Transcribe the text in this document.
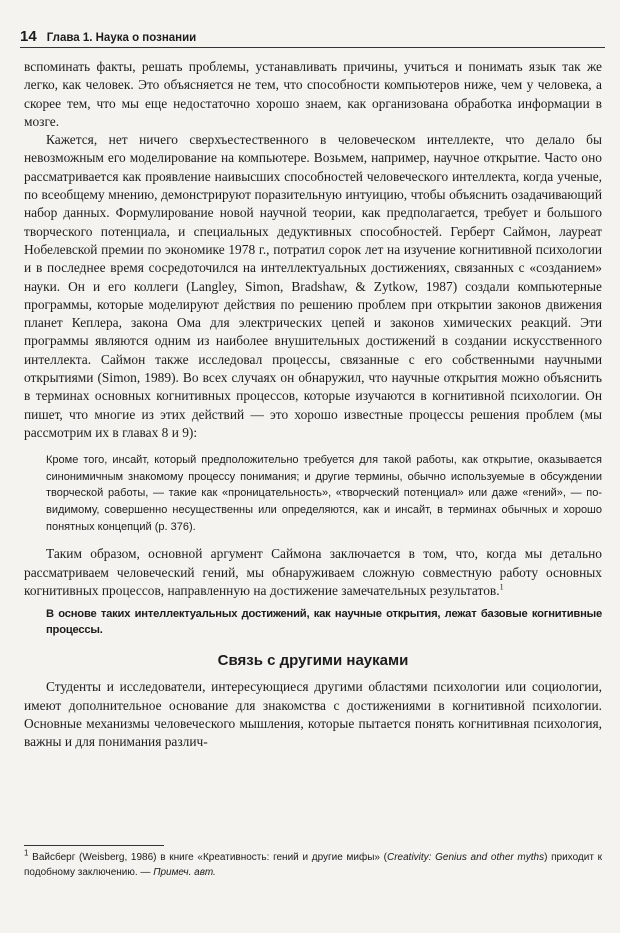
14 Глава 1. Наука о познании

вспоминать факты, решать проблемы, устанавливать причины, учиться и понимать язык так же легко, как человек. Это объясняется не тем, что способности компьютеров ниже, чем у человека, а скорее тем, что мы еще недостаточно хорошо знаем, как организована обработка информации в мозге.

Кажется, нет ничего сверхъестественного в человеческом интеллекте, что делало бы невозможным его моделирование на компьютере. Возьмем, например, научное открытие. Часто оно рассматривается как проявление наивысших способностей человеческого интеллекта, когда ученые, по всеобщему мнению, демонстрируют поразительную интуицию, чтобы объяснить озадачивающий набор данных. Формулирование новой научной теории, как предполагается, требует и большого творческого потенциала, и специальных дедуктивных способностей. Герберт Саймон, лауреат Нобелевской премии по экономике 1978 г., потратил сорок лет на изучение когнитивной психологии и в последнее время сосредоточился на интеллектуальных достижениях, связанных с «созданием» науки. Он и его коллеги (Langley, Simon, Bradshaw, & Zytkow, 1987) создали компьютерные программы, которые моделируют действия по решению проблем при открытии законов движения планет Кеплера, закона Ома для электрических цепей и законов химических реакций. Эти программы являются одним из наиболее внушительных достижений в создании искусственного интеллекта. Саймон также исследовал процессы, связанные с его собственными научными открытиями (Simon, 1989). Во всех случаях он обнаружил, что научные открытия можно объяснить в терминах основных когнитивных процессов, которые изучаются в когнитивной психологии. Он пишет, что многие из этих действий — это хорошо известные процессы решения проблем (мы рассмотрим их в главах 8 и 9):

Кроме того, инсайт, который предположительно требуется для такой работы, как открытие, оказывается синонимичным знакомому процессу понимания; и другие термины, обычно используемые в обсуждении творческой работы, — такие как «проницательность», «творческий потенциал» или даже «гений», — по-видимому, совершенно несущественны или определяются, как и инсайт, в терминах обычных и хорошо понятных концепций (р. 376).

Таким образом, основной аргумент Саймона заключается в том, что, когда мы детально рассматриваем человеческий гений, мы обнаруживаем сложную совместную работу основных когнитивных процессов, направленную на достижение замечательных результатов.$^1$

В основе таких интеллектуальных достижений, как научные открытия, лежат базовые когнитивные процессы.

Связь с другими науками

Студенты и исследователи, интересующиеся другими областями психологии или социологии, имеют дополнительное основание для знакомства с достижениями в когнитивной психологии. Основные механизмы человеческого мышления, которые пытается понять когнитивная психология, важны и для понимания различ-

$^1$ Вайсберг (Weisberg, 1986) в книге «Креативность: гений и другие мифы» (Creativity: Genius and other myths) приходит к подобному заключению. — Примеч. авт.
